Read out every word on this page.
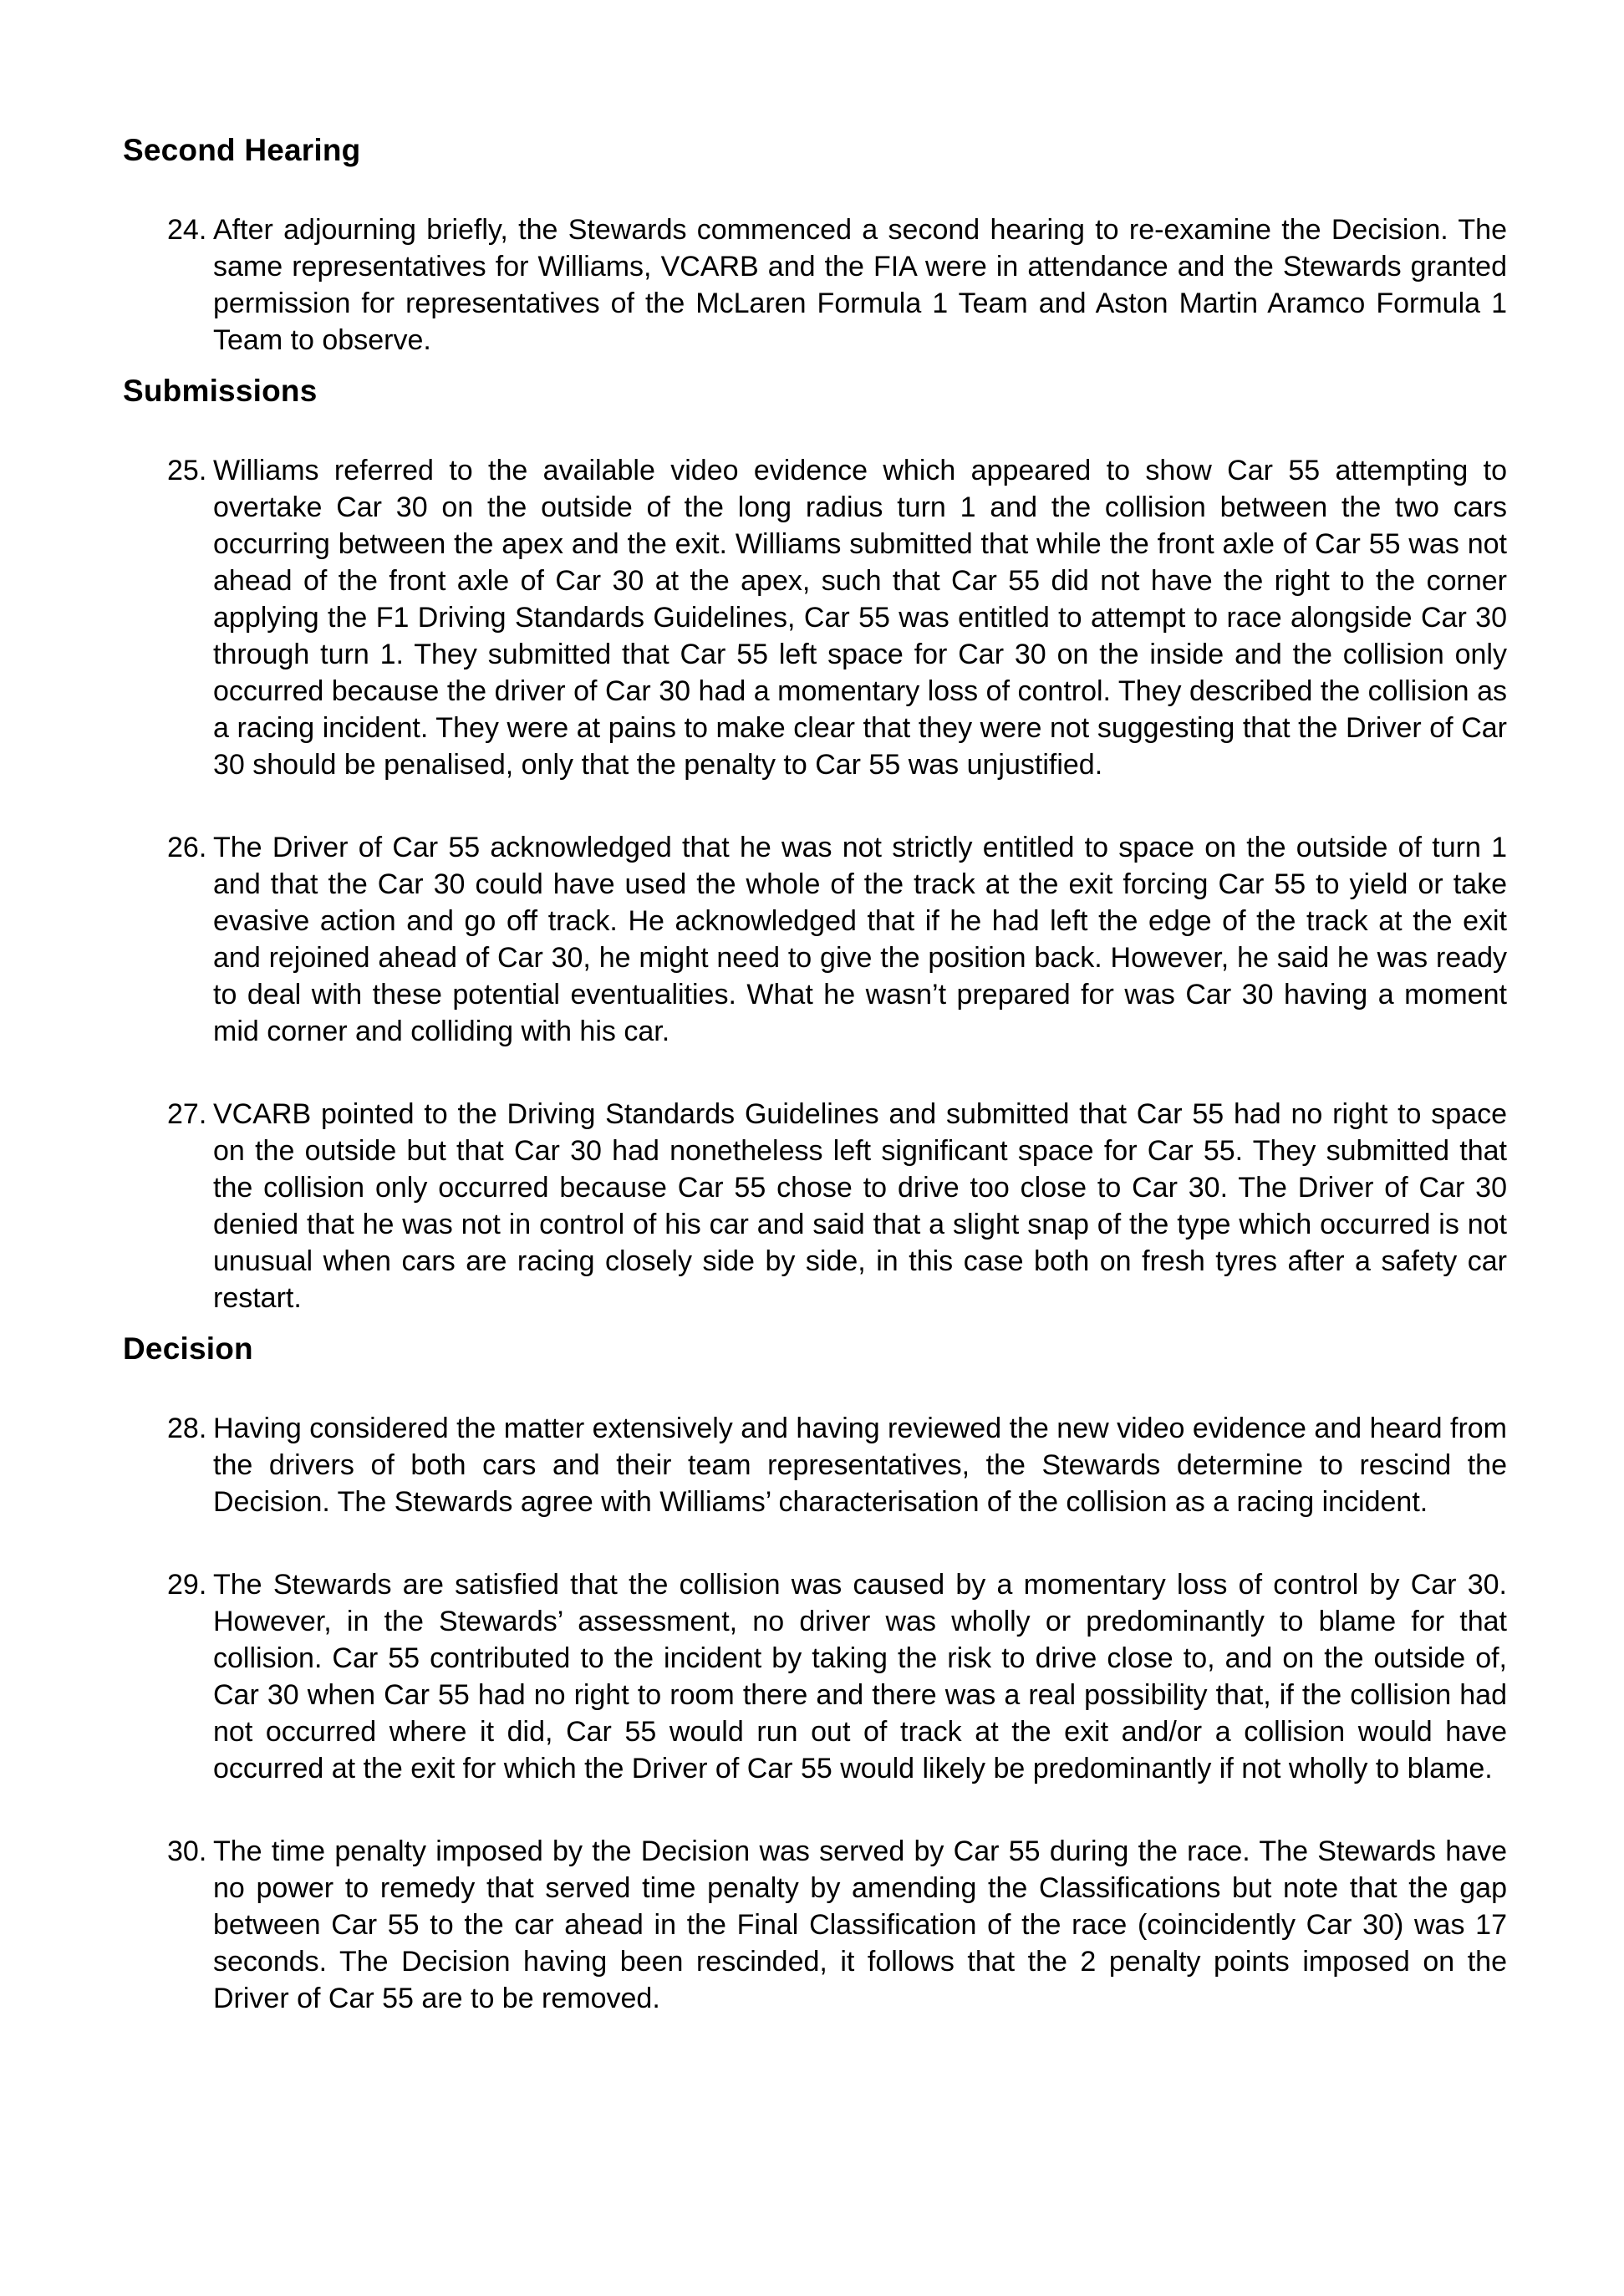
Second Hearing
24. After adjourning briefly, the Stewards commenced a second hearing to re-examine the Decision. The same representatives for Williams, VCARB and the FIA were in attendance and the Stewards granted permission for representatives of the McLaren Formula 1 Team and Aston Martin Aramco Formula 1 Team to observe.
Submissions
25. Williams referred to the available video evidence which appeared to show Car 55 attempting to overtake Car 30 on the outside of the long radius turn 1 and the collision between the two cars occurring between the apex and the exit. Williams submitted that while the front axle of Car 55 was not ahead of the front axle of Car 30 at the apex, such that Car 55 did not have the right to the corner applying the F1 Driving Standards Guidelines, Car 55 was entitled to attempt to race alongside Car 30 through turn 1. They submitted that Car 55 left space for Car 30 on the inside and the collision only occurred because the driver of Car 30 had a momentary loss of control. They described the collision as a racing incident. They were at pains to make clear that they were not suggesting that the Driver of Car 30 should be penalised, only that the penalty to Car 55 was unjustified.
26. The Driver of Car 55 acknowledged that he was not strictly entitled to space on the outside of turn 1 and that the Car 30 could have used the whole of the track at the exit forcing Car 55 to yield or take evasive action and go off track. He acknowledged that if he had left the edge of the track at the exit and rejoined ahead of Car 30, he might need to give the position back. However, he said he was ready to deal with these potential eventualities. What he wasn’t prepared for was Car 30 having a moment mid corner and colliding with his car.
27. VCARB pointed to the Driving Standards Guidelines and submitted that Car 55 had no right to space on the outside but that Car 30 had nonetheless left significant space for Car 55. They submitted that the collision only occurred because Car 55 chose to drive too close to Car 30. The Driver of Car 30 denied that he was not in control of his car and said that a slight snap of the type which occurred is not unusual when cars are racing closely side by side, in this case both on fresh tyres after a safety car restart.
Decision
28. Having considered the matter extensively and having reviewed the new video evidence and heard from the drivers of both cars and their team representatives, the Stewards determine to rescind the Decision. The Stewards agree with Williams’ characterisation of the collision as a racing incident.
29. The Stewards are satisfied that the collision was caused by a momentary loss of control by Car 30. However, in the Stewards’ assessment, no driver was wholly or predominantly to blame for that collision. Car 55 contributed to the incident by taking the risk to drive close to, and on the outside of, Car 30 when Car 55 had no right to room there and there was a real possibility that, if the collision had not occurred where it did, Car 55 would run out of track at the exit and/or a collision would have occurred at the exit for which the Driver of Car 55 would likely be predominantly if not wholly to blame.
30. The time penalty imposed by the Decision was served by Car 55 during the race. The Stewards have no power to remedy that served time penalty by amending the Classifications but note that the gap between Car 55 to the car ahead in the Final Classification of the race (coincidently Car 30) was 17 seconds. The Decision having been rescinded, it follows that the 2 penalty points imposed on the Driver of Car 55 are to be removed.
